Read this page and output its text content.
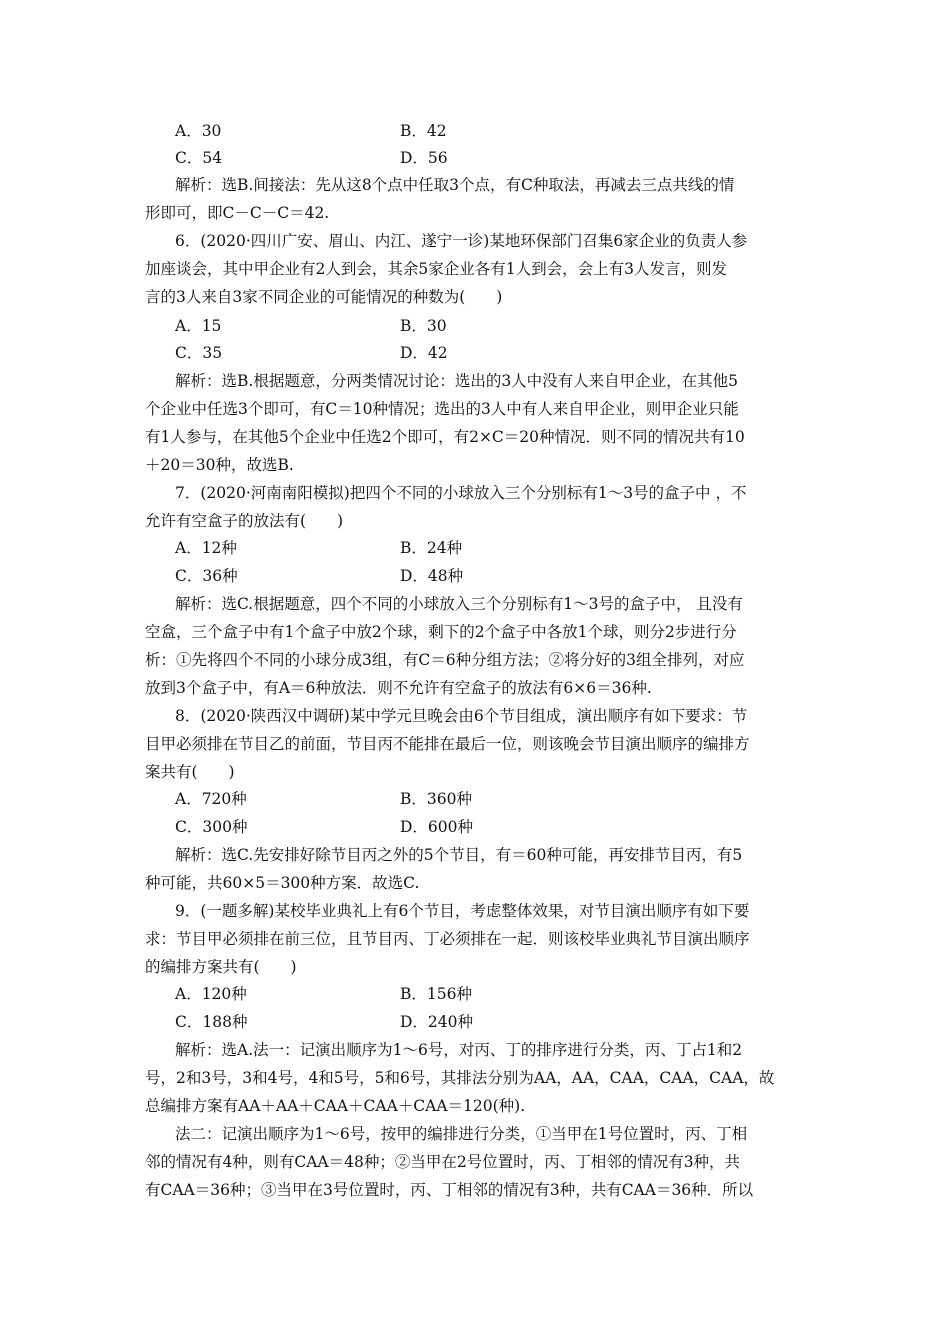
A．30	B．42
C．54	D．56
解析：选B.间接法：先从这8个点中任取3个点，有C种取法，再减去三点共线的情
形即可，即C－C－C＝42.
6．(2020·四川广安、眉山、内江、遂宁一诊)某地环保部门召集6家企业的负责人参
加座谈会，其中甲企业有2人到会，其余5家企业各有1人到会，会上有3人发言，则发
言的3人来自3家不同企业的可能情况的种数为(　　)
A．15	B．30
C．35	D．42
解析：选B.根据题意，分两类情况讨论：选出的3人中没有人来自甲企业，在其他5
个企业中任选3个即可，有C＝10种情况；选出的3人中有人来自甲企业，则甲企业只能
有1人参与，在其他5个企业中任选2个即可，有2×C＝20种情况．则不同的情况共有10
＋20＝30种，故选B.
7．(2020·河南南阳模拟)把四个不同的小球放入三个分别标有1～3号的盒子中 ，不
允许有空盒子的放法有(　　)
A．12种	B．24种
C．36种	D．48种
解析：选C.根据题意，四个不同的小球放入三个分别标有1～3号的盒子中， 且没有
空盒，三个盒子中有1个盒子中放2个球，剩下的2个盒子中各放1个球，则分2步进行分
析：①先将四个不同的小球分成3组，有C＝6种分组方法；②将分好的3组全排列，对应
放到3个盒子中，有A＝6种放法．则不允许有空盒子的放法有6×6＝36种.
8．(2020·陕西汉中调研)某中学元旦晚会由6个节目组成，演出顺序有如下要求：节
目甲必须排在节目乙的前面，节目丙不能排在最后一位，则该晚会节目演出顺序的编排方
案共有(　　)
A．720种	B．360种
C．300种	D．600种
解析：选C.先安排好除节目丙之外的5个节目，有＝60种可能，再安排节目丙，有5
种可能，共60×5＝300种方案．故选C.
9．(一题多解)某校毕业典礼上有6个节目，考虑整体效果，对节目演出顺序有如下要
求：节目甲必须排在前三位，且节目丙、丁必须排在一起．则该校毕业典礼节目演出顺序
的编排方案共有(　　)
A．120种	B．156种
C．188种	D．240种
解析：选A.法一：记演出顺序为1～6号，对丙、丁的排序进行分类，丙、丁占1和2
号，2和3号，3和4号，4和5号，5和6号，其排法分别为AA，AA，CAA，CAA，CAA，故
总编排方案有AA＋AA＋CAA＋CAA＋CAA＝120(种).
法二：记演出顺序为1～6号，按甲的编排进行分类，①当甲在1号位置时，丙、丁相
邻的情况有4种，则有CAA＝48种；②当甲在2号位置时，丙、丁相邻的情况有3种，共
有CAA＝36种；③当甲在3号位置时，丙、丁相邻的情况有3种，共有CAA＝36种．所以
